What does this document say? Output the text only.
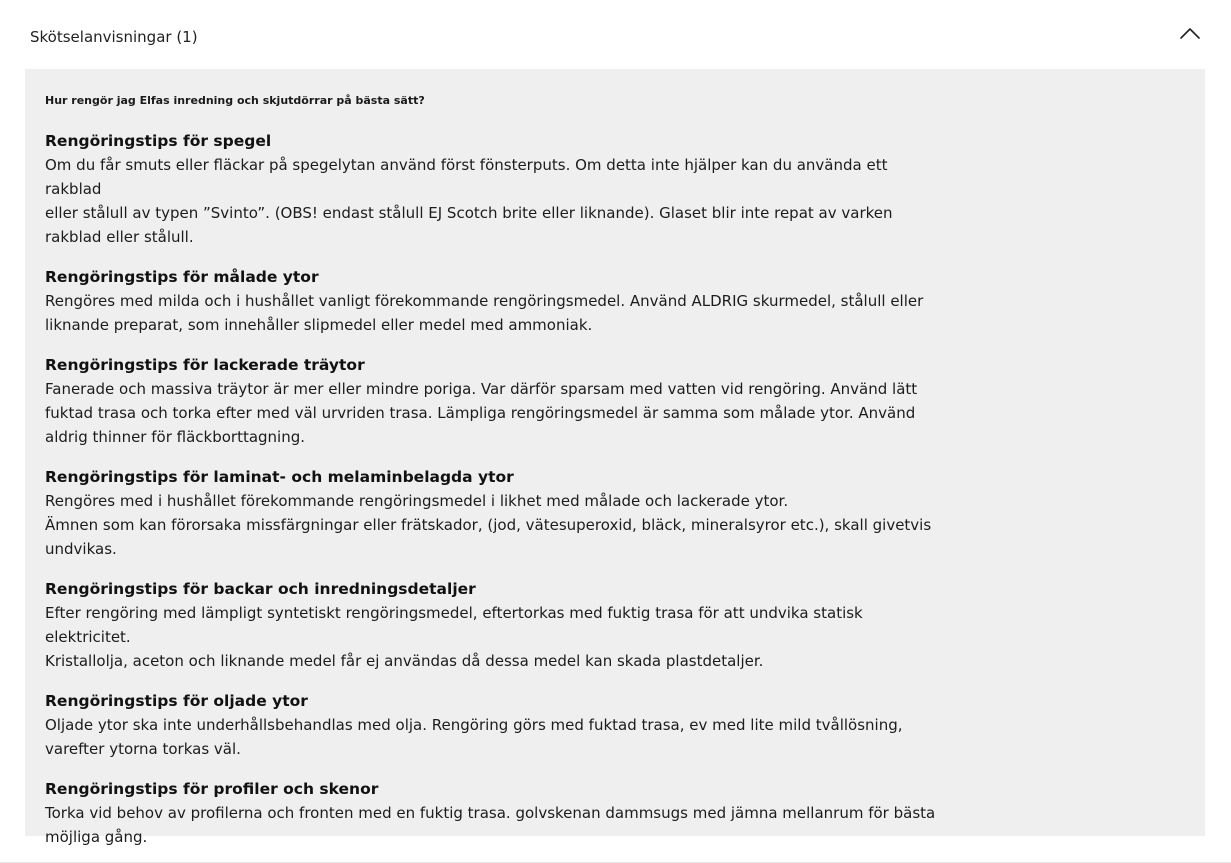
Skötselanvisningar (1)
Hur rengör jag Elfas inredning och skjutdörrar på bästa sätt?

Rengöringstips för spegel

Om du får smuts eller fläckar på spegelytan använd först fönsterputs. Om detta inte hjälper kan du använda ett rakblad
eller stålull av typen ”Svinto”. (OBS! endast stålull EJ Scotch brite eller liknande). Glaset blir inte repat av varken
rakblad eller stålull.

Rengöringstips för målade ytor

Rengöres med milda och i hushållet vanligt förekommande rengöringsmedel. Använd ALDRIG skurmedel, stålull eller
liknande preparat, som innehåller slipmedel eller medel med ammoniak.

Rengöringstips för lackerade träytor

Fanerade och massiva träytor är mer eller mindre poriga. Var därför sparsam med vatten vid rengöring. Använd lätt
fuktad trasa och torka efter med väl urvriden trasa. Lämpliga rengöringsmedel är samma som målade ytor. Använd
aldrig thinner för fläckborttagning.

Rengöringstips för laminat- och melaminbelagda ytor

Rengöres med i hushållet förekommande rengöringsmedel i likhet med målade och lackerade ytor.
Ämnen som kan förorsaka missfärgningar eller frätskador, (jod, vätesuperoxid, bläck, mineralsyror etc.), skall givetvis
undvikas.

Rengöringstips för backar och inredningsdetaljer

Efter rengöring med lämpligt syntetiskt rengöringsmedel, eftertorkas med fuktig trasa för att undvika statisk elektricitet.
Kristallolja, aceton och liknande medel får ej användas då dessa medel kan skada plastdetaljer.

Rengöringstips för oljade ytor

Oljade ytor ska inte underhållsbehandlas med olja. Rengöring görs med fuktad trasa, ev med lite mild tvållösning,
varefter ytorna torkas väl.

Rengöringstips för profiler och skenor

Torka vid behov av profilerna och fronten med en fuktig trasa. golvskenan dammsugs med jämna mellanrum för bästa
möjliga gång.
